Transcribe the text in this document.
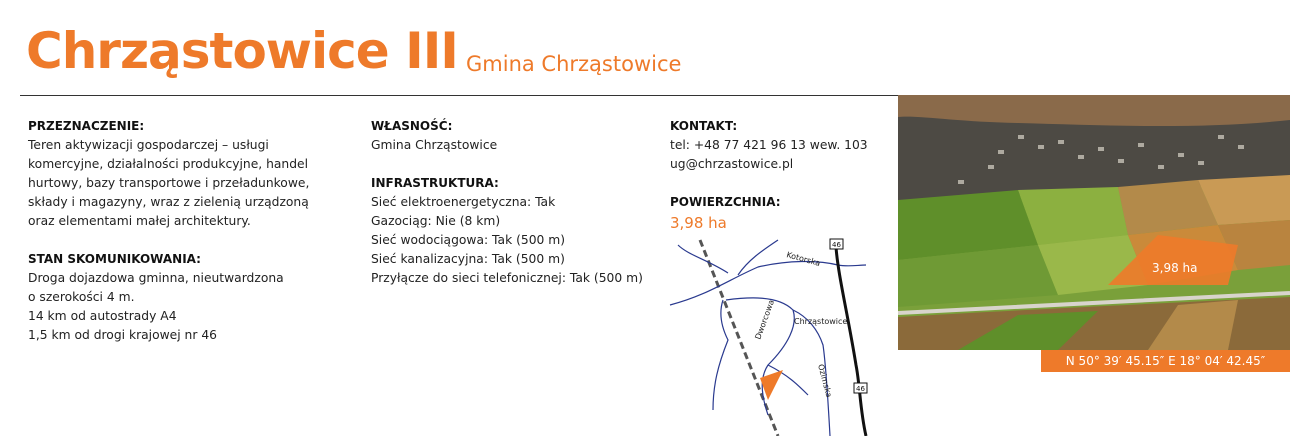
Chrząstowice III Gmina Chrząstowice
PRZEZNACZENIE:

Teren aktywizacji gospodarczej – usługi

komercyjne, działalności produkcyjne, handel

hurtowy, bazy transportowe i przeładunkowe,

składy i magazyny, wraz z zielenią urządzoną

oraz elementami małej architektury.

STAN SKOMUNIKOWANIA:

Droga dojazdowa gminna, nieutwardzona

o szerokości 4 m.

14 km od autostrady A4

1,5 km od drogi krajowej nr 46

WŁASNOŚĆ:

Gmina Chrząstowice

INFRASTRUKTURA:

Sieć elektroenergetyczna: Tak

Gazociąg: Nie (8 km)

Sieć wodociągowa: Tak (500 m)

Sieć kanalizacyjna: Tak (500 m)

Przyłącze do sieci telefonicznej: Tak (500 m)

KONTAKT:

tel: +48 77 421 96 13 wew. 103

ug@chrzastowice.pl

POWIERZCHNIA:

3,98 ha

46
46
Kotorska
Chrząstowice
Dworcowa
Ozimska
3,98 ha
N 50° 39′ 45.15″ E 18° 04′ 42.45″
